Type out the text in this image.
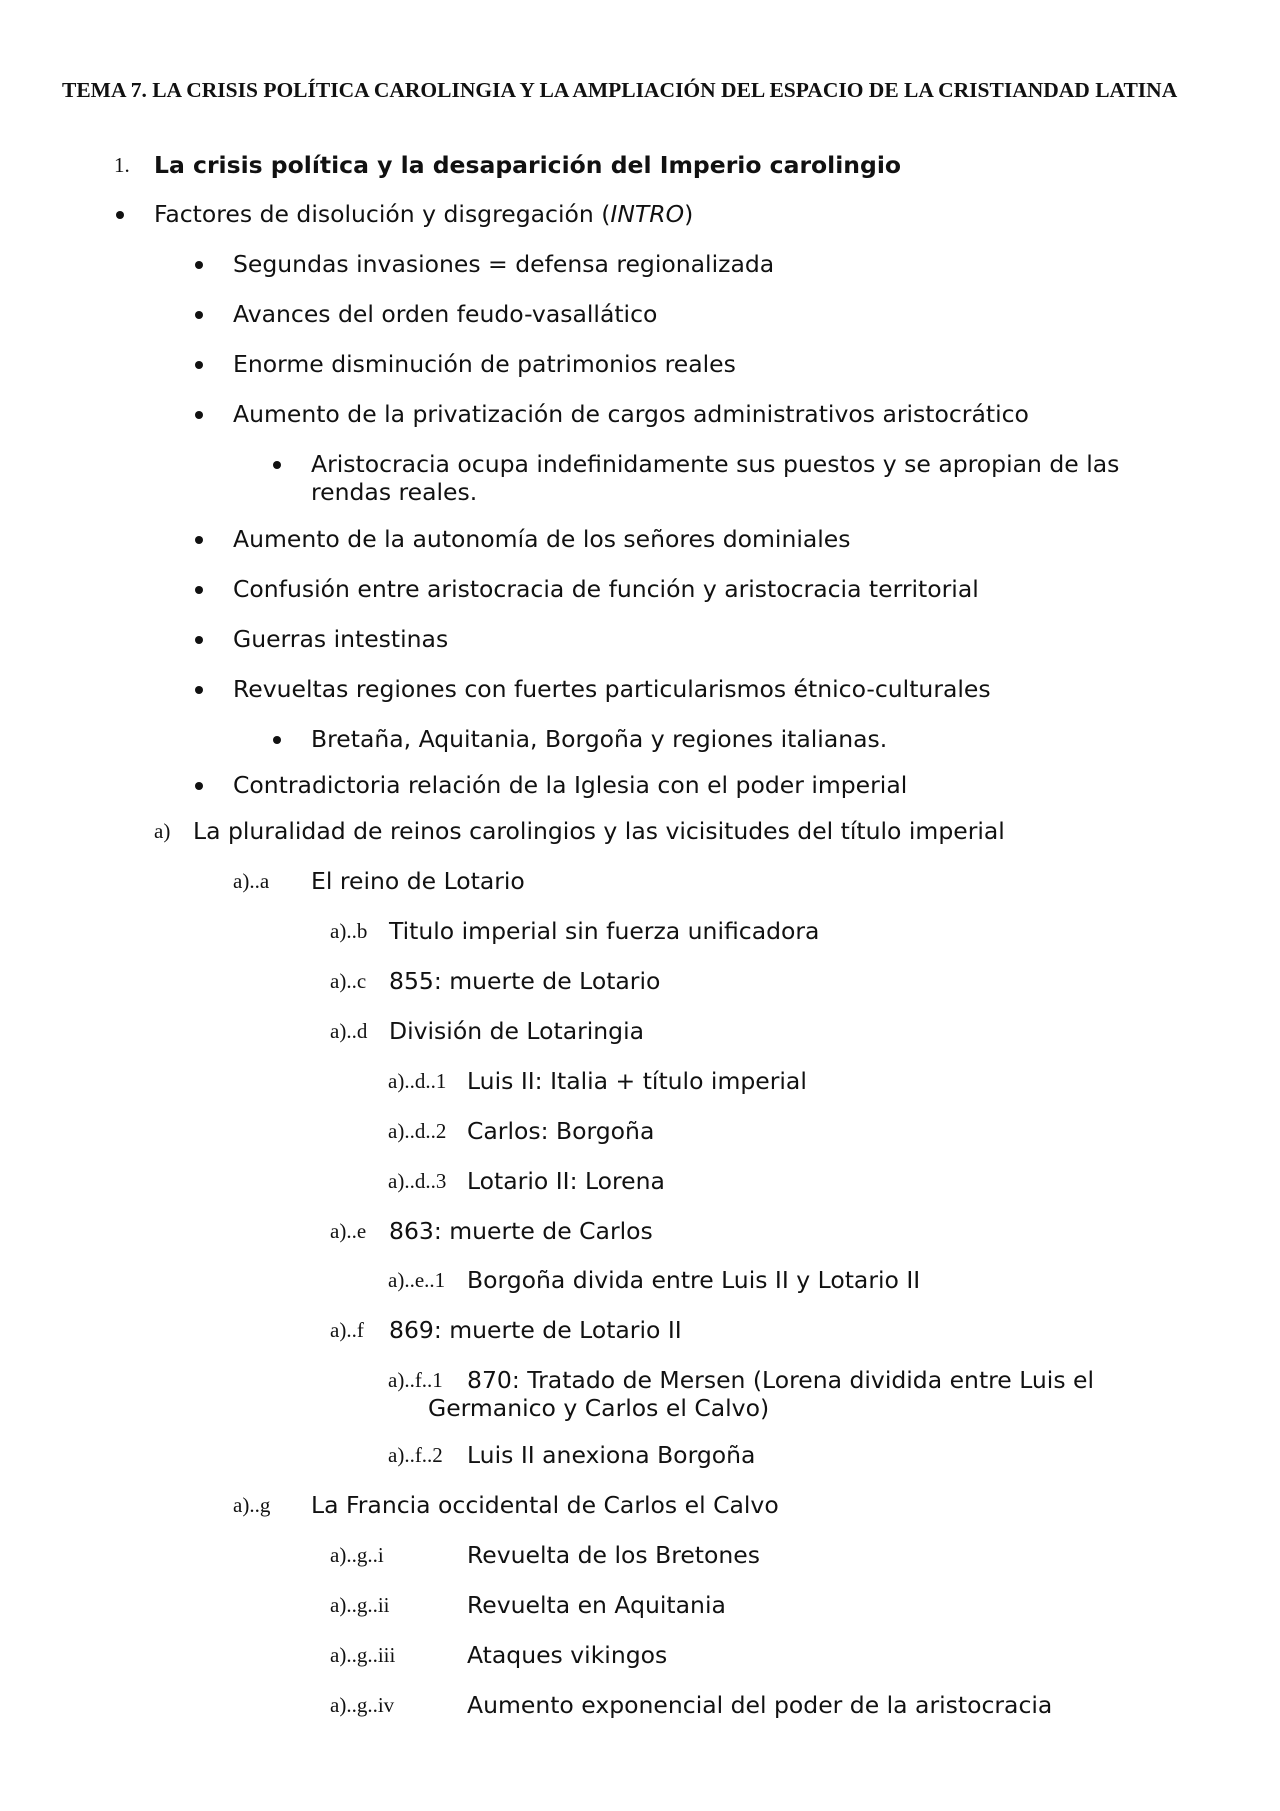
TEMA 7. LA CRISIS POLÍTICA CAROLINGIA Y LA AMPLIACIÓN DEL ESPACIO DE LA CRISTIANDAD LATINA
1. La crisis política y la desaparición del Imperio carolingio
Factores de disolución y disgregación (INTRO)
Segundas invasiones = defensa regionalizada
Avances del orden feudo-vasallático
Enorme disminución de patrimonios reales
Aumento de la privatización de cargos administrativos aristocrático
Aristocracia ocupa indefinidamente sus puestos y se apropian de las
rendas reales.
Aumento de la autonomía de los señores dominiales
Confusión entre aristocracia de función y aristocracia territorial
Guerras intestinas
Revueltas regiones con fuertes particularismos étnico-culturales
Bretaña, Aquitania, Borgoña y regiones italianas.
Contradictoria relación de la Iglesia con el poder imperial
a) La pluralidad de reinos carolingios y las vicisitudes del título imperial
a)..a El reino de Lotario
a)..b Titulo imperial sin fuerza unificadora
a)..c 855: muerte de Lotario
a)..d División de Lotaringia
a)..d..1 Luis II: Italia + título imperial
a)..d..2 Carlos: Borgoña
a)..d..3 Lotario II: Lorena
a)..e 863: muerte de Carlos
a)..e..1 Borgoña divida entre Luis II y Lotario II
a)..f 869: muerte de Lotario II
a)..f..1 870: Tratado de Mersen (Lorena dividida entre Luis el
Germanico y Carlos el Calvo)
a)..f..2 Luis II anexiona Borgoña
a)..g La Francia occidental de Carlos el Calvo
a)..g..i	Revuelta de los Bretones
a)..g..ii	Revuelta en Aquitania
a)..g..iii	Ataques vikingos
a)..g..iv	Aumento exponencial del poder de la aristocracia
